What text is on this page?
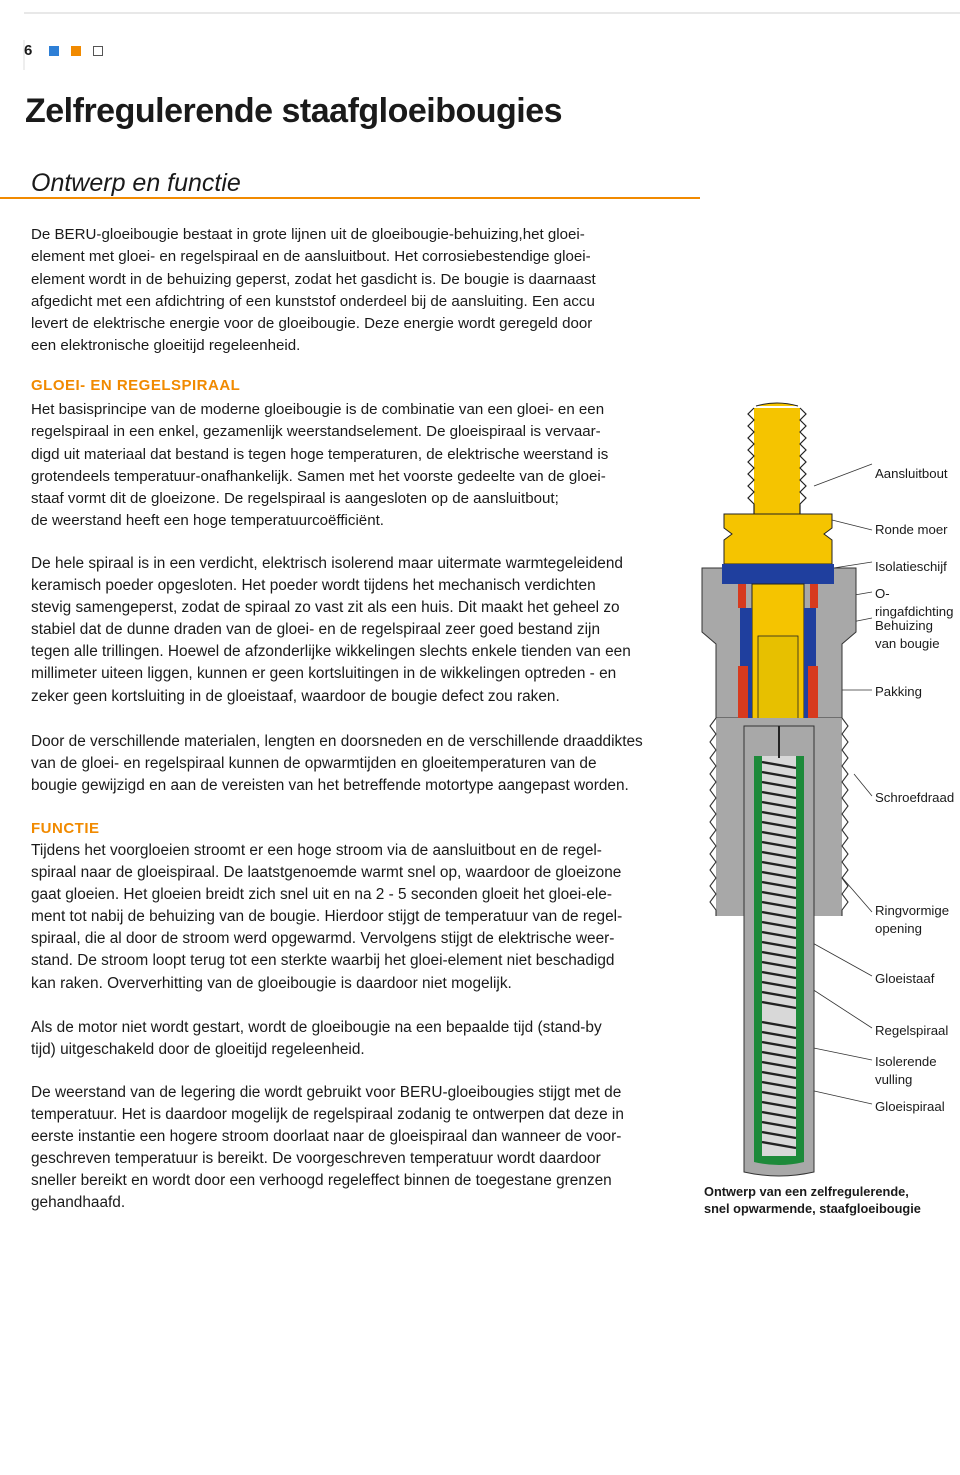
6
Zelfregulerende staafgloeibougies
Ontwerp en functie

De BERU-gloeibougie bestaat in grote lijnen uit de gloeibougie-behuizing,het gloei-
element met gloei- en regelspiraal en de aansluitbout. Het corrosiebestendige gloei-
element wordt in de behuizing geperst, zodat het gasdicht is. De bougie is daarnaast
afgedicht met een afdichtring of een kunststof onderdeel bij de aansluiting. Een accu
levert de elektrische energie voor de gloeibougie. Deze energie wordt geregeld door
een elektronische gloeitijd regeleenheid.

GLOEI- EN REGELSPIRAAL

Het basisprincipe van de moderne gloeibougie is de combinatie van een gloei- en een
regelspiraal in een enkel, gezamenlijk weerstandselement. De gloeispiraal is vervaar-
digd uit materiaal dat bestand is tegen hoge temperaturen, de elektrische weerstand is
grotendeels temperatuur-onafhankelijk. Samen met het voorste gedeelte van de gloei-
staaf vormt dit de gloeizone. De regelspiraal is aangesloten op de aansluitbout;
de weerstand heeft een hoge temperatuurcoëfficiënt.

De hele spiraal is in een verdicht, elektrisch isolerend maar uitermate warmtegeleidend
keramisch poeder opgesloten. Het poeder wordt tijdens het mechanisch verdichten
stevig samengeperst, zodat de spiraal zo vast zit als een huis. Dit maakt het geheel zo
stabiel dat de dunne draden van de gloei- en de regelspiraal zeer goed bestand zijn
tegen alle trillingen. Hoewel de afzonderlijke wikkelingen slechts enkele tienden van een
millimeter uiteen liggen, kunnen er geen kortsluitingen in de wikkelingen optreden - en
zeker geen kortsluiting in de gloeistaaf, waardoor de bougie defect zou raken.

Door de verschillende materialen, lengten en doorsneden en de verschillende draaddiktes
van de gloei- en regelspiraal kunnen de opwarmtijden en gloeitemperaturen van de
bougie gewijzigd en aan de vereisten van het betreffende motortype aangepast worden.

FUNCTIE

Tijdens het voorgloeien stroomt er een hoge stroom via de aansluitbout en de regel-
spiraal naar de gloeispiraal. De laatstgenoemde warmt snel op, waardoor de gloeizone
gaat gloeien. Het gloeien breidt zich snel uit en na 2 - 5 seconden gloeit het gloei-ele-
ment tot nabij de behuizing van de bougie. Hierdoor stijgt de temperatuur van de regel-
spiraal, die al door de stroom werd opgewarmd. Vervolgens stijgt de elektrische weer-
stand. De stroom loopt terug tot een sterkte waarbij het gloei-element niet beschadigd
kan raken. Oververhitting van de gloeibougie is daardoor niet mogelijk.

Als de motor niet wordt gestart, wordt de gloeibougie na een bepaalde tijd (stand-by
tijd) uitgeschakeld door de gloeitijd regeleenheid.

De weerstand van de legering die wordt gebruikt voor BERU-gloeibougies stijgt met de
temperatuur. Het is daardoor mogelijk de regelspiraal zodanig te ontwerpen dat deze in
eerste instantie een hogere stroom doorlaat naar de gloeispiraal dan wanneer de voor-
geschreven temperatuur is bereikt. De voorgeschreven temperatuur wordt daardoor
sneller bereikt en wordt door een verhoogd regeleffect binnen de toegestane grenzen
gehandhaafd.

Aansluitbout
Ronde moer
Isolatieschijf
O-ringafdichting
Behuizing
van bougie
Pakking
Schroefdraad
Ringvormige
opening
Gloeistaaf
Regelspiraal
Isolerende
vulling
Gloeispiraal

Ontwerp van een zelfregulerende,
snel opwarmende, staafgloeibougie
